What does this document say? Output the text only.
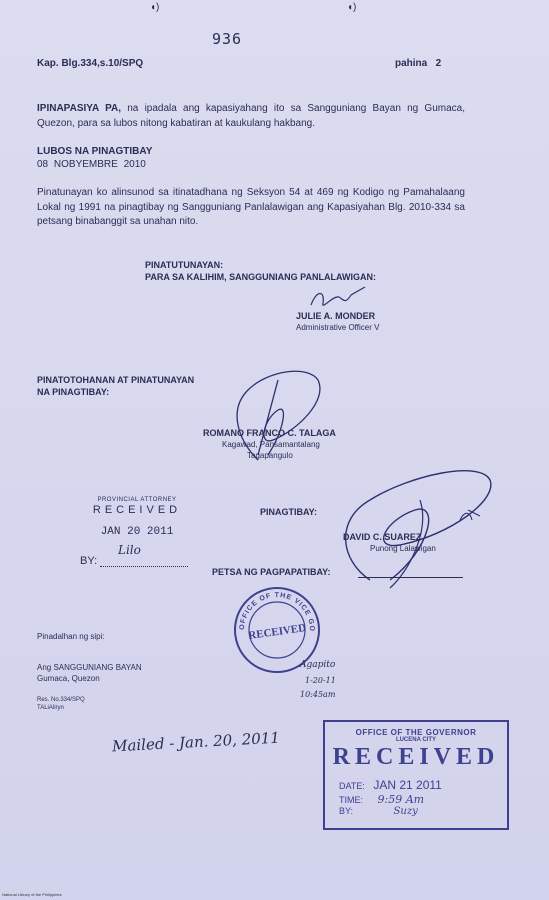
936
◖)	◖)
Kap. Blg.334,s.10/SPQ	pahina 2
IPINAPASIYA PA, na ipadala ang kapasiyahang ito sa Sangguniang Bayan ng Gumaca, Quezon, para sa lubos nitong kabatiran at kaukulang hakbang.
LUBOS NA PINAGTIBAY
08 NOBYEMBRE 2010
Pinatunayan ko alinsunod sa itinatadhana ng Seksyon 54 at 469 ng Kodigo ng Pamahalaang Lokal ng 1991 na pinagtibay ng Sangguniang Panlalawigan ang Kapasiyahan Blg. 2010-334 sa petsang binabanggit sa unahan nito.
PINATUTUNAYAN:
PARA SA KALIHIM, SANGGUNIANG PANLALAWIGAN:
JULIE A. MONDER
Administrative Officer V
PINATOTOHANAN AT PINATUNAYAN
NA PINAGTIBAY:
ROMANO FRANCO C. TALAGA
Kagawad, Pansamantalang
Tagapangulo
PROVINCIAL ATTORNEY
RECEIVED
JAN 20 2011
BY:
Lilo
PINAGTIBAY:
DAVID C. SUAREZ
Punong Lalawigan
PETSA NG PAGPAPATIBAY:
OFFICE OF THE VICE GOVERNOR
RECEIVED
Agapito
1-20-11
10:45am
Pinadalhan ng sipi:
Ang SANGGUNIANG BAYAN
Gumaca, Quezon
Res. No.334/SPQ
TALiAliryn
Mailed - Jan. 20, 2011	OFFICE OF THE GOVERNOR
LUCENA CITY
RECEIVED
DATE: JAN 21 2011
TIME: 9:59 Am
BY:	Suzy
National Library of the Philippines
